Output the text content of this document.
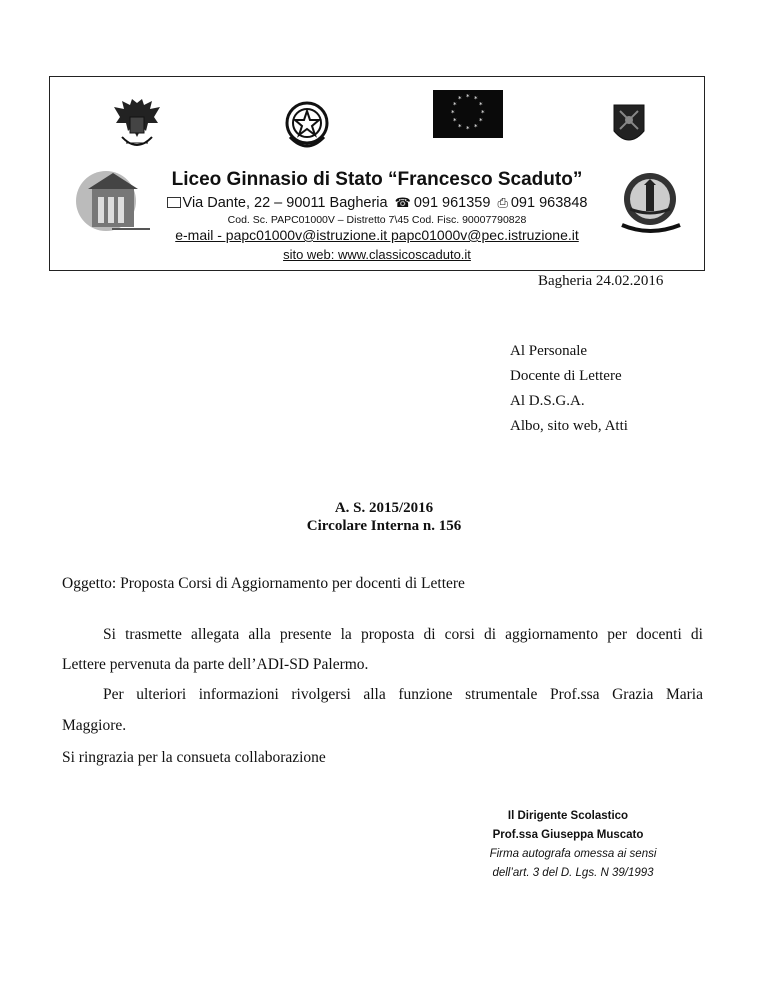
* *
*
*
*
*
*
*
*
*
*
*
Liceo Ginnasio di Stato “Francesco Scaduto”
Via Dante, 22 – 90011 Bagheria ☎ 091 961359 ⎙ 091 963848
Cod. Sc. PAPC01000V – Distretto 7\45 Cod. Fisc. 90007790828
e-mail - papc01000v@istruzione.it papc01000v@pec.istruzione.it
sito web: www.classicoscaduto.it
Bagheria 24.02.2016
Al Personale
Docente di Lettere
Al D.S.G.A.
Albo, sito web, Atti
A. S. 2015/2016
Circolare Interna n. 156
Oggetto: Proposta Corsi di Aggiornamento per docenti di Lettere
Si trasmette allegata alla presente la proposta di corsi di aggiornamento per docenti di
Lettere pervenuta da parte dell’ADI-SD Palermo.
Per ulteriori informazioni rivolgersi alla funzione strumentale Prof.ssa Grazia Maria
Maggiore.
Si ringrazia per la consueta collaborazione
Il Dirigente Scolastico
Prof.ssa Giuseppa Muscato
Firma autografa omessa ai sensi
dell’art. 3 del D. Lgs. N 39/1993
